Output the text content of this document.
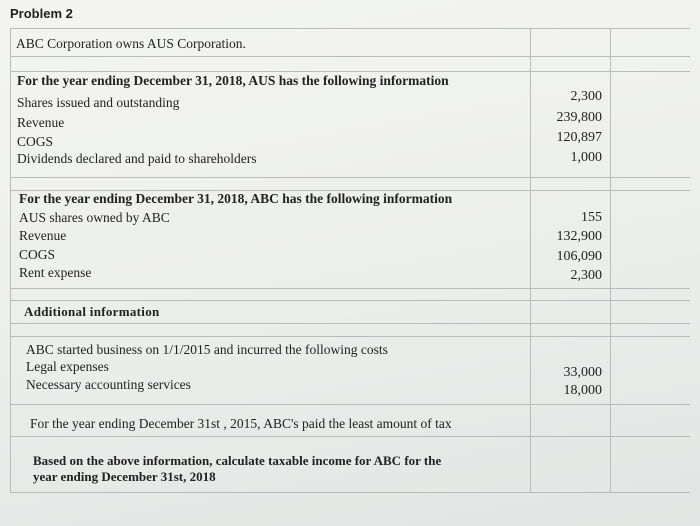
Problem 2
ABC Corporation owns AUS Corporation.
For the year ending December 31, 2018, AUS has the following information
Shares issued and outstanding
Revenue
COGS
Dividends declared and paid to shareholders
2,300
239,800
120,897
1,000
For the year ending December 31, 2018, ABC has the following information
AUS shares owned by ABC
Revenue
COGS
Rent expense
155
132,900
106,090
2,300
Additional information
ABC started business on 1/1/2015 and incurred the following costs
Legal expenses
Necessary accounting services
33,000
18,000
For the year ending December 31st , 2015, ABC's paid the least amount of tax
Based on the above information, calculate taxable income for ABC for the
year ending December 31st, 2018
